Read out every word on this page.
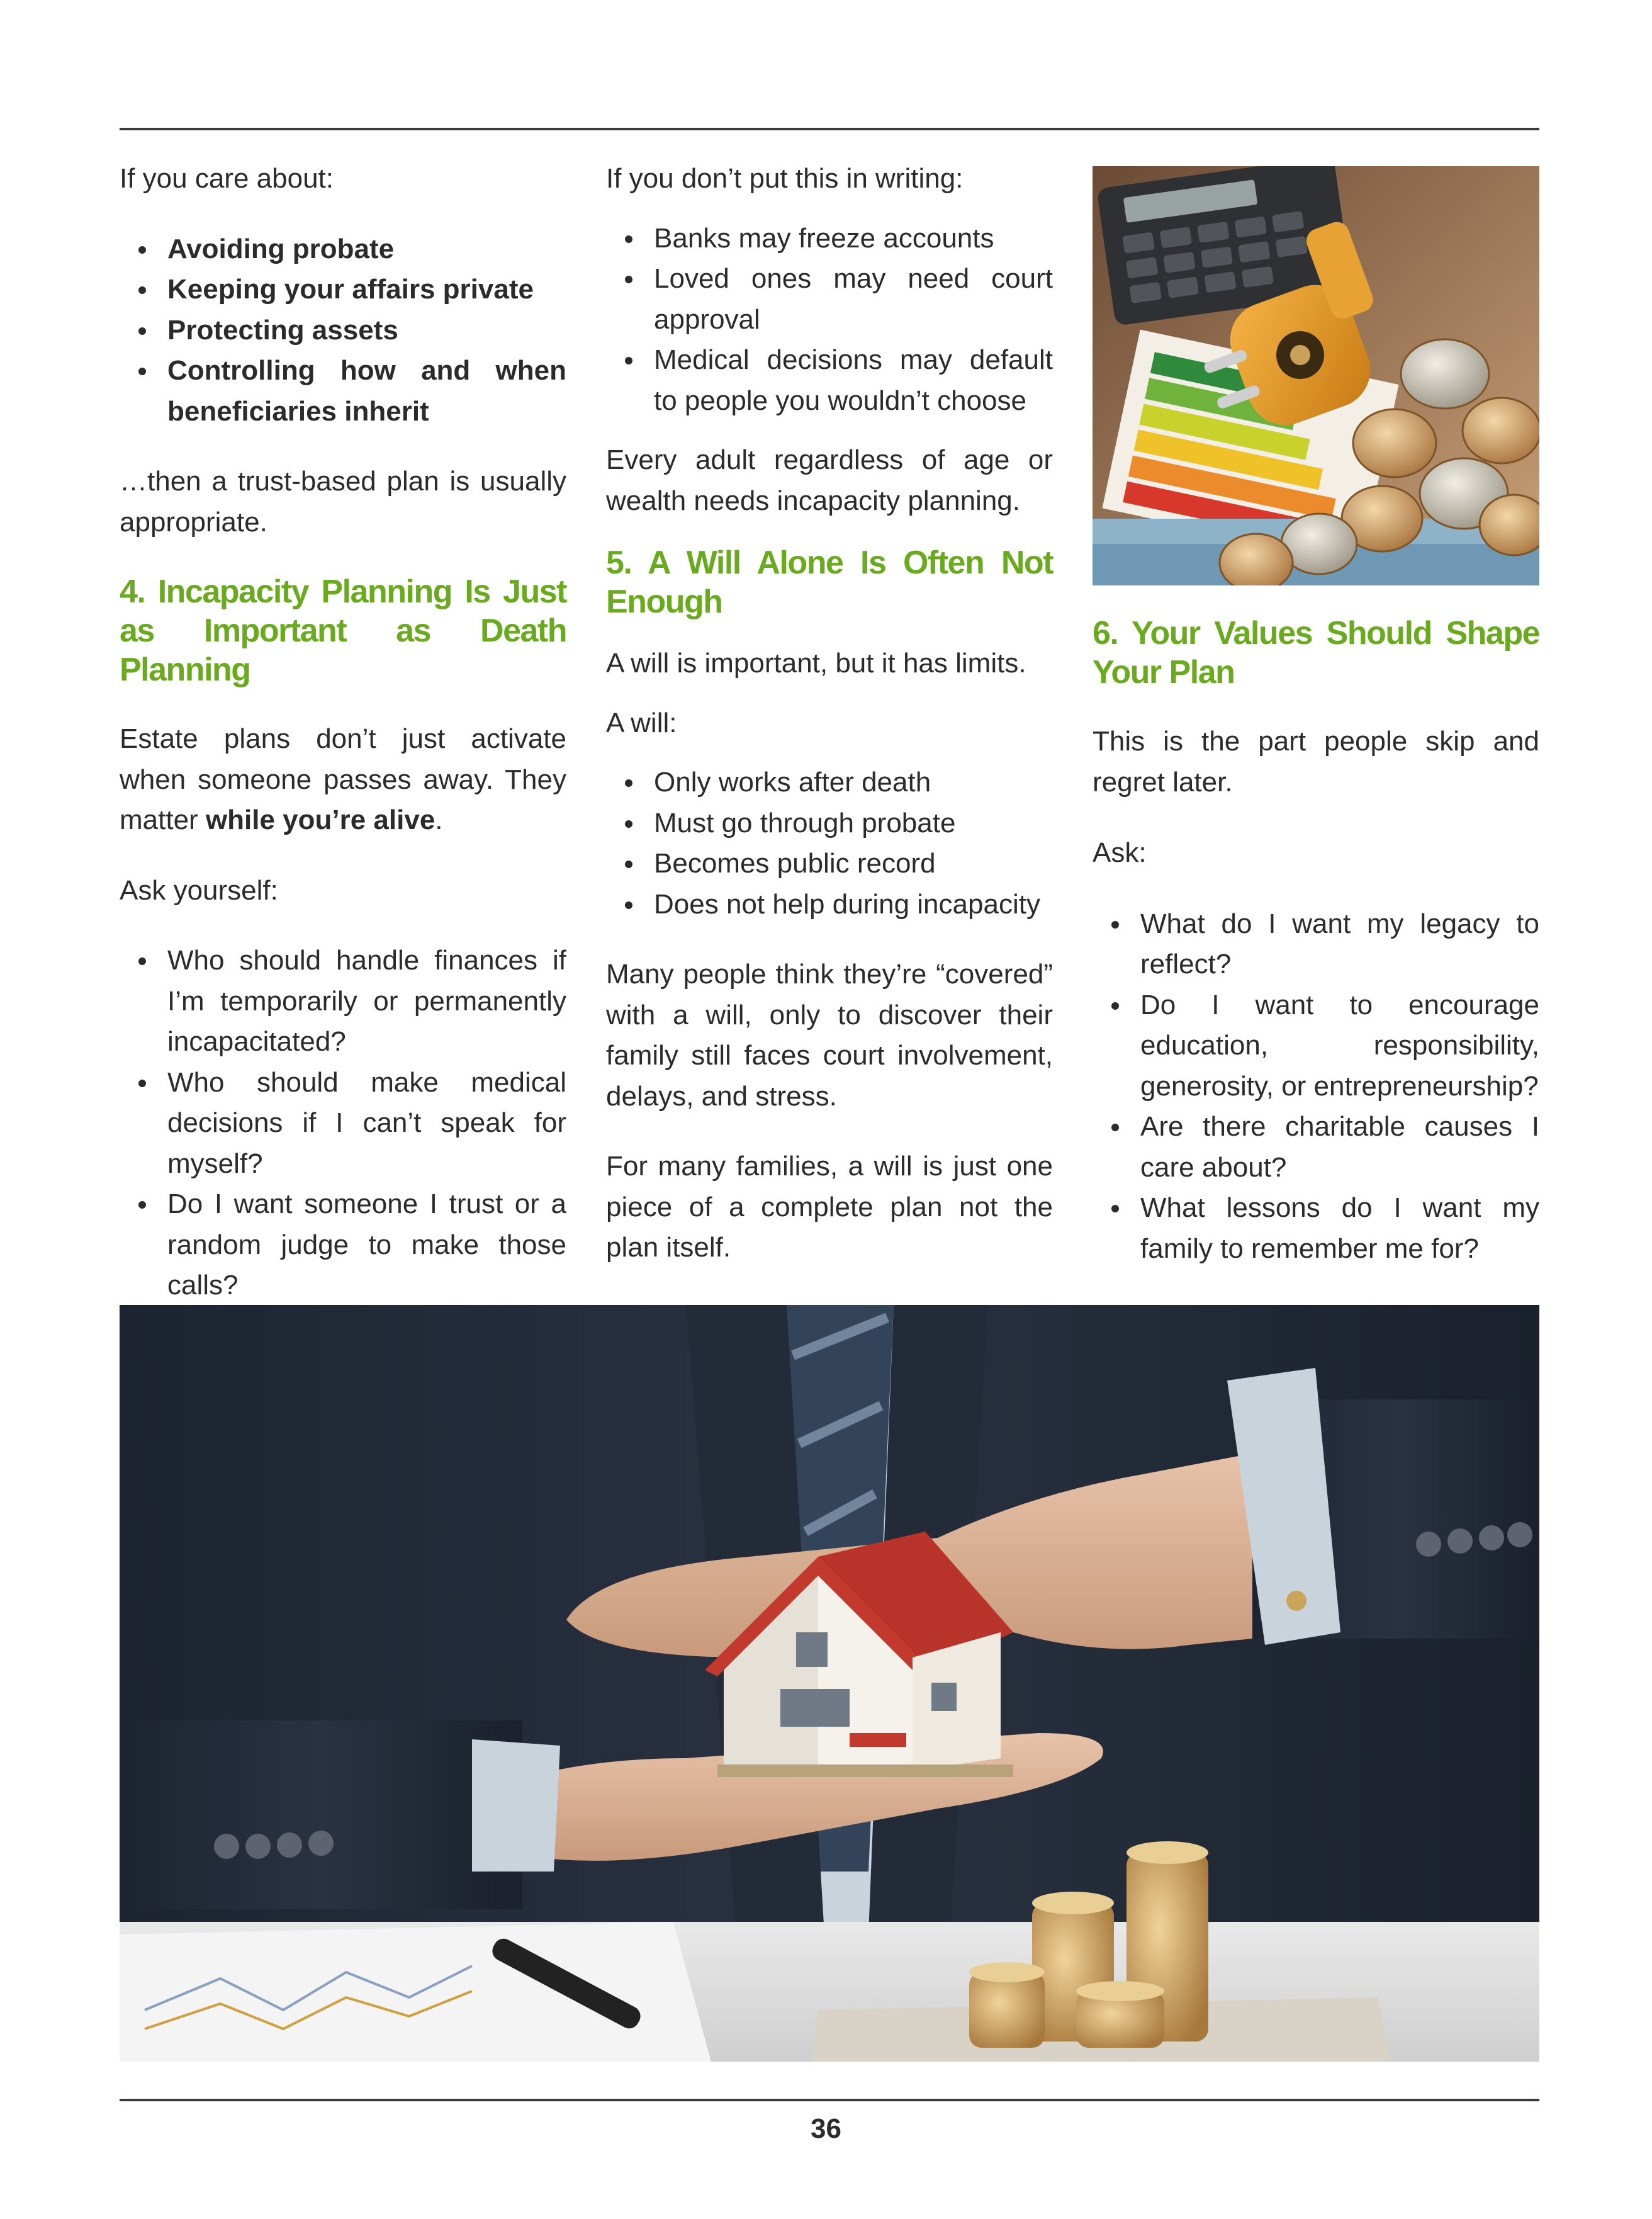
If you care about:

Avoiding probate
Keeping your affairs private
Protecting assets
Controlling how and when beneficiaries inherit

…then a trust-based plan is usually appropriate.

4. Incapacity Planning Is Just as Important as Death Planning

Estate plans don’t just activate when someone passes away. They matter while you’re alive.

Ask yourself:

Who should handle finances if I’m temporarily or permanently incapacitated?
Who should make medical decisions if I can’t speak for myself?
Do I want someone I trust or a random judge to make those calls?

If you don’t put this in writing:

Banks may freeze accounts
Loved ones may need court approval
Medical decisions may default to people you wouldn’t choose

Every adult regardless of age or wealth needs incapacity planning.

5. A Will Alone Is Often Not Enough

A will is important, but it has limits.

A will:

Only works after death
Must go through probate
Becomes public record
Does not help during incapacity

Many people think they’re “covered” with a will, only to discover their family still faces court involvement, delays, and stress.

For many families, a will is just one piece of a complete plan not the plan itself.

6. Your Values Should Shape Your Plan

This is the part people skip and regret later.

Ask:

What do I want my legacy to reflect?
Do I want to encourage education, responsibility, generosity, or entrepreneurship?
Are there charitable causes I care about?
What lessons do I want my family to remember me for?
36
